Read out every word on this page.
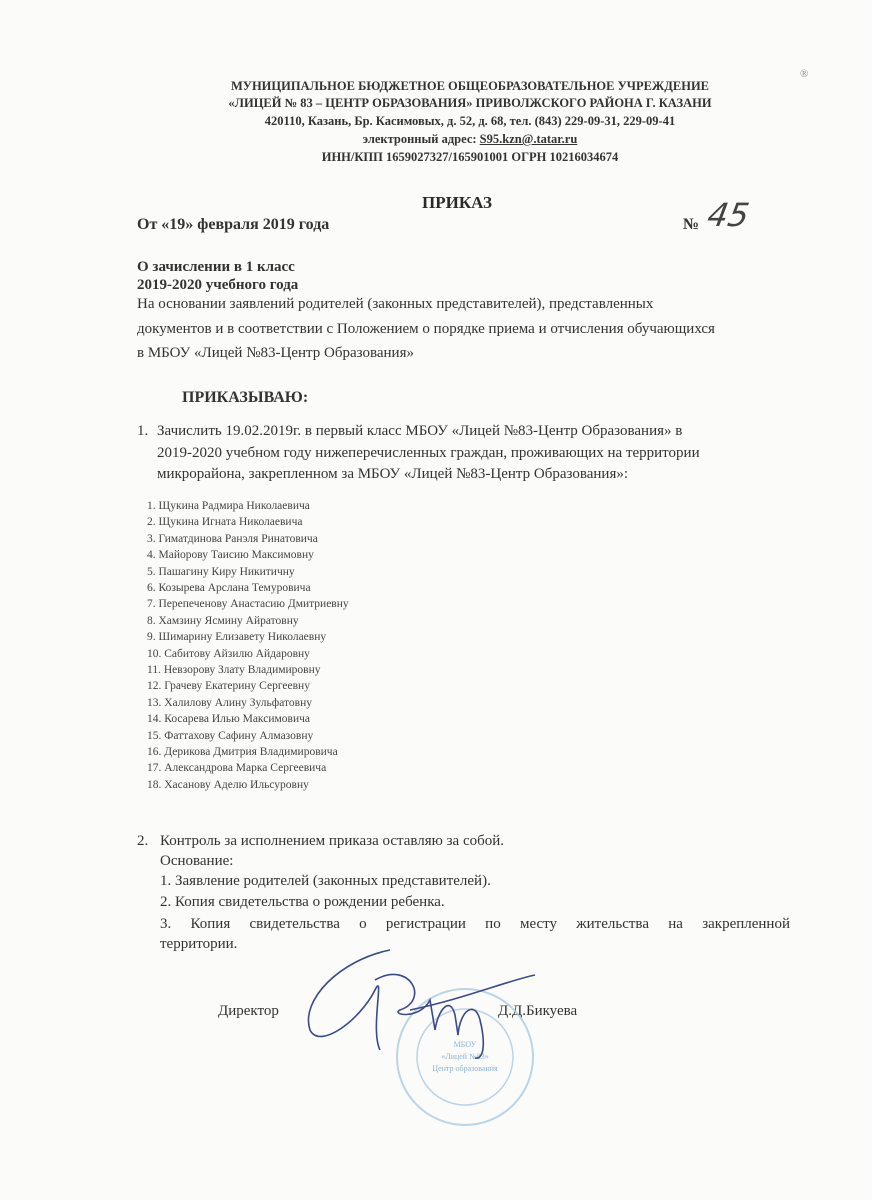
МУНИЦИПАЛЬНОЕ БЮДЖЕТНОЕ ОБЩЕОБРАЗОВАТЕЛЬНОЕ УЧРЕЖДЕНИЕ
«ЛИЦЕЙ № 83 – ЦЕНТР ОБРАЗОВАНИЯ» ПРИВОЛЖСКОГО РАЙОНА Г. КАЗАНИ
420110, Казань, Бр. Касимовых, д. 52, д. 68, тел. (843) 229-09-31, 229-09-41
электронный адрес: S95.kzn@.tatar.ru
ИНН/КПП 1659027327/165901001 ОГРН 10216034674
®
ПРИКАЗ
От «19» февраля 2019 года	№ 45
О зачислении в 1 класс
2019-2020 учебного года
На основании заявлений родителей (законных представителей), представленных
документов и в соответствии с Положением о порядке приема и отчисления обучающихся
в МБОУ «Лицей №83-Центр Образования»
ПРИКАЗЫВАЮ:
1. Зачислить 19.02.2019г. в первый класс МБОУ «Лицей №83-Центр Образования» в
2019-2020 учебном году нижеперечисленных граждан, проживающих на территории
микрорайона, закрепленном за МБОУ «Лицей №83-Центр Образования»:
1. Щукина Радмира Николаевича
2. Щукина Игната Николаевича
3. Гиматдинова Ранэля Ринатовича
4. Майорову Таисию Максимовну
5. Пашагину Киру Никитичну
6. Козырева Арслана Темуровича
7. Перепеченову Анастасию Дмитриевну
8. Хамзину Ясмину Айратовну
9. Шимарину Елизавету Николаевну
10. Сабитову Айзилю Айдаровну
11. Невзорову Злату Владимировну
12. Грачеву Екатерину Сергеевну
13. Халилову Алину Зульфатовну
14. Косарева Илью Максимовича
15. Фаттахову Сафину Алмазовну
16. Дерикова Дмитрия Владимировича
17. Александрова Марка Сергеевича
18. Хасанову Аделю Ильсуровну
2. Контроль за исполнением приказа оставляю за собой.
Основание:
1. Заявление родителей (законных представителей).
2. Копия свидетельства о рождении ребенка.
3. Копия свидетельства о регистрации по месту жительства на закрепленной
территории.
Директор	Д.Д.Бикуева
МБОУ
«Лицей №83»
Центр образования
